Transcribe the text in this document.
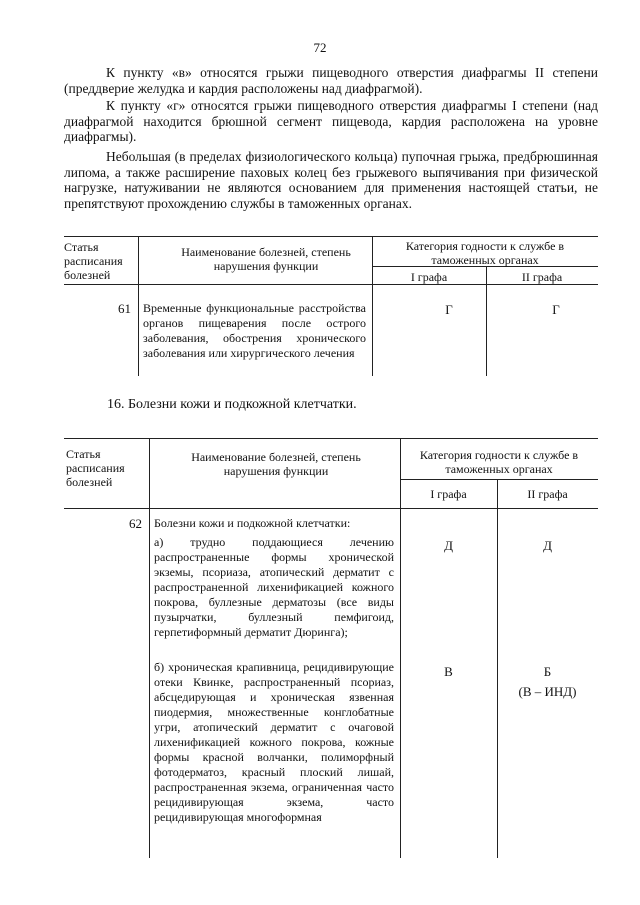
72
К пункту «в» относятся грыжи пищеводного отверстия диафрагмы II степени (преддверие желудка и кардия расположены над диафрагмой).
К пункту «г» относятся грыжи пищеводного отверстия диафрагмы I степени (над диафрагмой находится брюшной сегмент пищевода, кардия расположена на уровне диафрагмы).
Небольшая (в пределах физиологического кольца) пупочная грыжа, предбрюшинная липома, а также расширение паховых колец без грыжевого выпячивания при физической нагрузке, натуживании не являются основанием для применения настоящей статьи, не препятствуют прохождению службы в таможенных органах.
Статья расписания болезней
Наименование болезней, степень нарушения функции
Категория годности к службе в таможенных органах
I графа	II графа
61 Временные функциональные расстройства органов пищеварения после острого заболевания, обострения хронического заболевания или хирургического лечения
Г	Г
16. Болезни кожи и подкожной клетчатки.
Статья расписания болезней
Наименование болезней, степень нарушения функции
Категория годности к службе в таможенных органах
I графа	II графа
62 Болезни кожи и подкожной клетчатки:
а) трудно поддающиеся лечению распространенные формы хронической экземы, псориаза, атопический дерматит с распространенной лихенификацией кожного покрова, буллезные дерматозы (все виды пузырчатки, буллезный пемфигоид, герпетиформный дерматит Дюринга);
Д	Д
б) хроническая крапивница, рецидивирующие отеки Квинке, распространенный псориаз, абсцедирующая и хроническая язвенная пиодермия, множественные конглобатные угри, атопический дерматит с очаговой лихенификацией кожного покрова, кожные формы красной волчанки, полиморфный фотодерматоз, красный плоский лишай, распространенная экзема, ограниченная часто рецидивирующая экзема, часто рецидивирующая многоформная
В	Б
(В – ИНД)
